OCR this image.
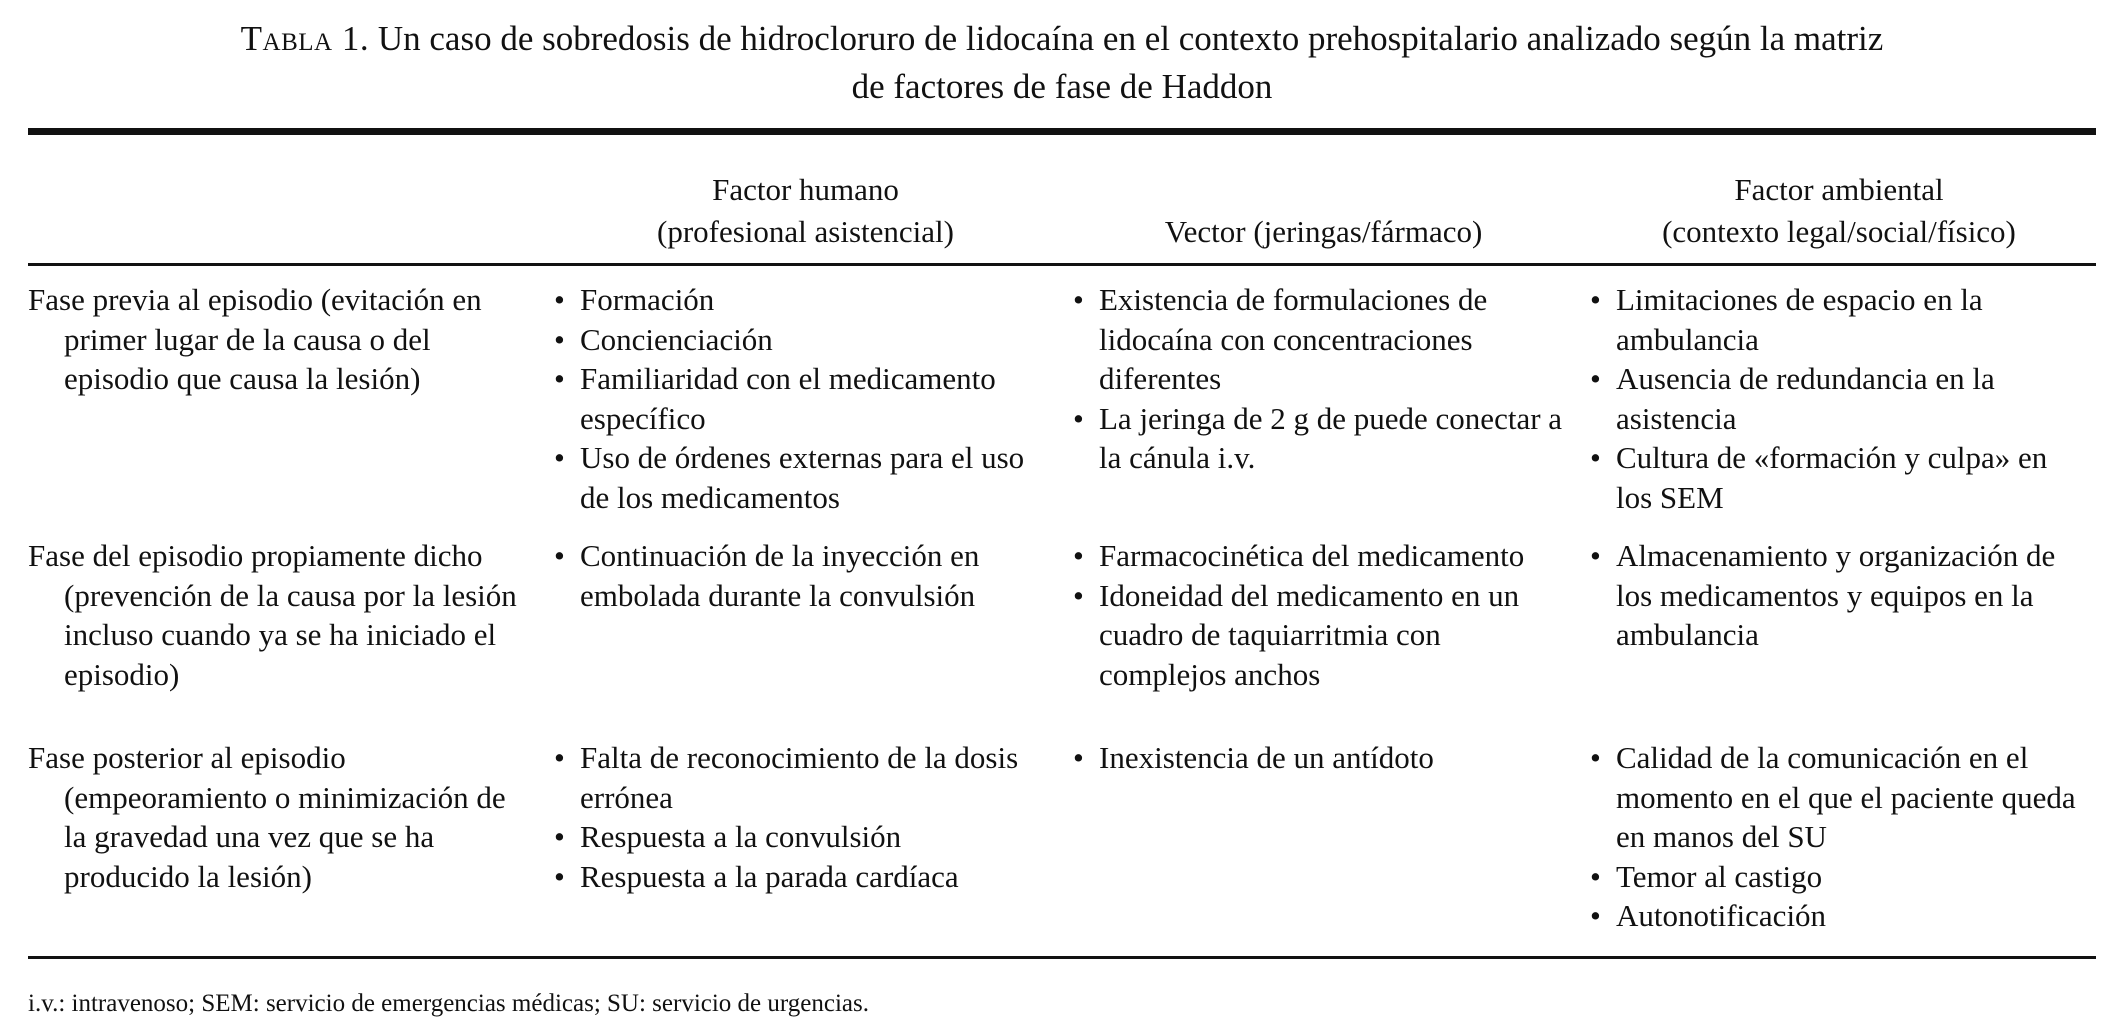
Tabla 1. Un caso de sobredosis de hidrocloruro de lidocaína en el contexto prehospitalario analizado según la matriz
de factores de fase de Haddon
Factor humano
(profesional asistencial)	Vector (jeringas/fármaco)
Factor ambiental
(contexto legal/social/físico)
Fase previa al episodio (evitación en primer lugar de la causa o del episodio que causa la lesión)
• Formación
• Concienciación
• Familiaridad con el medicamento específico
• Uso de órdenes externas para el uso de los medicamentos
• Existencia de formulaciones de lidocaína con concentraciones diferentes
• La jeringa de 2 g de puede conectar a la cánula i.v.
• Limitaciones de espacio en la ambulancia
• Ausencia de redundancia en la asistencia
• Cultura de «formación y culpa» en los SEM
Fase del episodio propiamente dicho (prevención de la causa por la lesión incluso cuando ya se ha iniciado el episodio)
• Continuación de la inyección en embolada durante la convulsión
• Farmacocinética del medicamento
• Idoneidad del medicamento en un cuadro de taquiarritmia con complejos anchos
• Almacenamiento y organización de los medicamentos y equipos en la ambulancia
Fase posterior al episodio (empeoramiento o minimización de la gravedad una vez que se ha producido la lesión)
• Falta de reconocimiento de la dosis errónea
• Respuesta a la convulsión
• Respuesta a la parada cardíaca
• Inexistencia de un antídoto	• Calidad de la comunicación en el momento en el que el paciente queda en manos del SU
• Temor al castigo
• Autonotificación
i.v.: intravenoso; SEM: servicio de emergencias médicas; SU: servicio de urgencias.
